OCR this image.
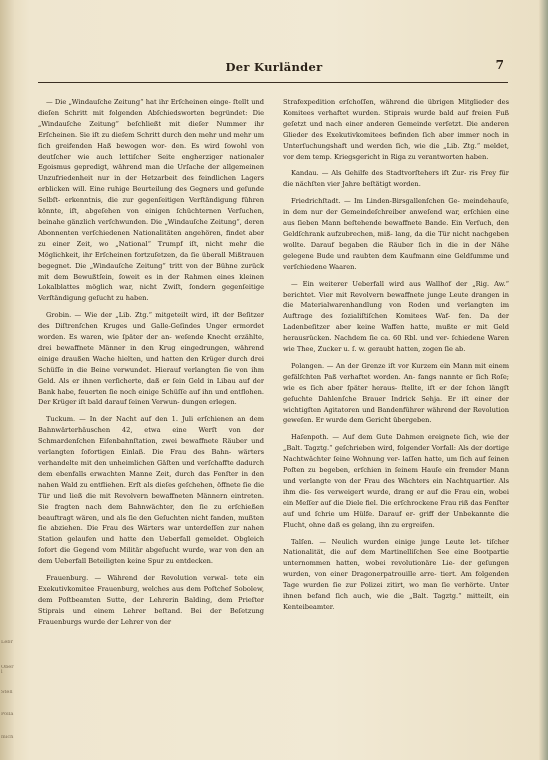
Lebr
Oberl
Stell
Polla
mich
Der Kurländer	7

— Die „Windauſche Zeitung“ hat ihr Erſcheinen einge- ſtellt und dieſen Schritt mit folgenden Abſchiedsworten begründet: Die „Windauſche Zeitung“ beſchließt mit dieſer Nummer ihr Erſcheinen. Sie iſt zu dieſem Schritt durch den mehr und mehr um ſich greifenden Haß bewogen wor- den. Es wird ſowohl von deutſcher wie auch lettiſcher Seite engherziger nationaler Egoismus gepredigt, während man die Urſache der allgemeinen Unzufriedenheit nur in der Hetzarbeit des feindlichen Lagers erblicken will. Eine ruhige Beurteilung des Gegners und geſunde Selbſt- erkenntnis, die zur gegenſeitigen Verſtändigung führen könnte, iſt, abgeſehen von einigen ſchüchternen Verſuchen, beinahe gänzlich verſchwunden. Die „Windauſche Zeitung“, deren Abonnenten verſchiedenen Nationalitäten angehören, findet aber zu einer Zeit, wo „National“ Trumpf iſt, nicht mehr die Möglichkeit, ihr Erſcheinen fortzuſetzen, da ſie überall Mißtrauen begegnet. Die „Windauſche Zeitung“ tritt von der Bühne zurück mit dem Bewußtſein, ſoweit es in der Rahmen eines kleinen Lokalblattes möglich war, nicht Zwiſt, ſondern gegenſeitige Verſtändigung geſucht zu haben.

Grobin. — Wie der „Lib. Ztg.“ mitgeteilt wird, iſt der Beſitzer des Diſtrenſchen Kruges und Galle-Geſindes Unger ermordet worden. Es waren, wie ſpäter der an- weſende Knecht erzählte, drei bewaffnete Männer in den Krug eingedrungen, während einige draußen Wache hielten, und hatten den Krüger durch drei Schüſſe in die Beine verwundet. Hierauf verlangten ſie von ihm Geld. Als er ihnen verſicherte, daß er ſein Geld in Libau auf der Bank habe, feuerten ſie noch einige Schüſſe auf ihn und entflohen. Der Krüger iſt bald darauf ſeinen Verwun- dungen erlegen.

Tuckum. — In der Nacht auf den 1. Juli erſchienen an dem Bahnwärterhäuschen 42, etwa eine Werſt von der Schmardenſchen Eiſenbahnſtation, zwei bewaffnete Räuber und verlangten ſofortigen Einlaß. Die Frau des Bahn- wärters verhandelte mit den unheimlichen Gäſten und verſchaffte dadurch dem ebenfalls erwachten Manne Zeit, durch das Fenſter in den nahen Wald zu entfliehen. Erſt als dieſes geſchehen, öffnete ſie die Tür und ließ die mit Revolvern bewaffneten Männern eintreten. Sie fragten nach dem Bahnwächter, den ſie zu erſchießen beauftragt wären, und als ſie den Geſuchten nicht fanden, mußten ſie abziehen. Die Frau des Wärters war unterdeſſen zur nahen Station gelaufen und hatte den Ueberfall gemeldet. Obgleich ſofort die Gegend vom Militär abgeſucht wurde, war von den an dem Ueberfall Beteiligten keine Spur zu entdecken.

Frauenburg. — Während der Revolution verwal- tete ein Exekutivkomitee Frauenburg, welches aus dem Poſtchef Sobolew, dem Poſtbeamten Sutte, der Lehrerin Balding, dem Prieſter Stiprais und einem Lehrer beſtand. Bei der Beſetzung Frauenburgs wurde der Lehrer von der

Strafexpedition erſchoſſen, während die übrigen Mitglieder des Komitees verhaftet wurden. Stiprais wurde bald auf freien Fuß geſetzt und nach einer anderen Gemeinde verſetzt. Die anderen Glieder des Exekutivkomitees befinden ſich aber immer noch in Unterſuchungshaft und werden ſich, wie die „Lib. Ztg.“ meldet, vor dem temp. Kriegsgericht in Riga zu verantworten haben.

Kandau. — Als Gehilfe des Stadtvorſtehers iſt Zur- ris Frey für die nächſten vier Jahre beſtätigt worden.

Friedrichſtadt. — Im Linden-Birsgallenſchen Ge- meindehauſe, in dem nur der Gemeindeſchreiber anweſend war, erſchien eine aus ſieben Mann beſtehende bewaffnete Bande. Ein Verſuch, den Geldſchrank aufzubrechen, miß- lang, da die Tür nicht nachgeben wollte. Darauf begaben die Räuber ſich in die in der Nähe gelegene Bude und raubten dem Kaufmann eine Geldſumme und verſchiedene Waaren.

— Ein weiterer Ueberfall wird aus Wallhof der „Rig. Aw.“ berichtet. Vier mit Revolvern bewaffnete junge Leute drangen in die Materialwarenhandlung von Roden und verlangten im Auftrage des ſozialiſtiſchen Komitees Waf- fen. Da der Ladenbeſitzer aber keine Waffen hatte, mußte er mit Geld herausrücken. Nachdem ſie ca. 60 Rbl. und ver- ſchiedene Waren wie Thee, Zucker u. ſ. w. geraubt hatten, zogen ſie ab.

Polangen. — An der Grenze iſt vor Kurzem ein Mann mit einem gefälſchten Paß verhaftet worden. An- fangs nannte er ſich Roſe; wie es ſich aber ſpäter heraus- ſtellte, iſt er der ſchon längſt geſuchte Dahlenſche Brauer Indrick Sehja. Er iſt einer der wichtigſten Agitatoren und Bandenführer während der Revolution geweſen. Er wurde dem Gericht übergeben.

Haſenpoth. — Auf dem Gute Dahmen ereignete ſich, wie der „Balt. Tagztg.“ geſchrieben wird, folgender Vorfall: Als der dortige Nachtwächter ſeine Wohnung ver- laſſen hatte, um ſich auf ſeinen Poſten zu begeben, erſchien in ſeinem Hauſe ein fremder Mann und verlangte von der Frau des Wächters ein Nachtquartier. Als ihm die- ſes verweigert wurde, drang er auf die Frau ein, wobei ein Meſſer auf die Diele fiel. Die erſchrockene Frau riß das Fenſter auf und ſchrie um Hülfe. Darauf er- griff der Unbekannte die Flucht, ohne daß es gelang, ihn zu ergreifen.

Talſen. — Neulich wurden einige junge Leute let- tiſcher Nationalität, die auf dem Martinelliſchen See eine Bootpartie unternommen hatten, wobei revolutionäre Lie- der geſungen wurden, von einer Dragonerpatrouille arre- tiert. Am folgenden Tage wurden ſie zur Polizei zitirt, wo man ſie verhörte. Unter ihnen befand ſich auch, wie die „Balt. Tagztg.“ mitteilt, ein Kenteibeamter.
